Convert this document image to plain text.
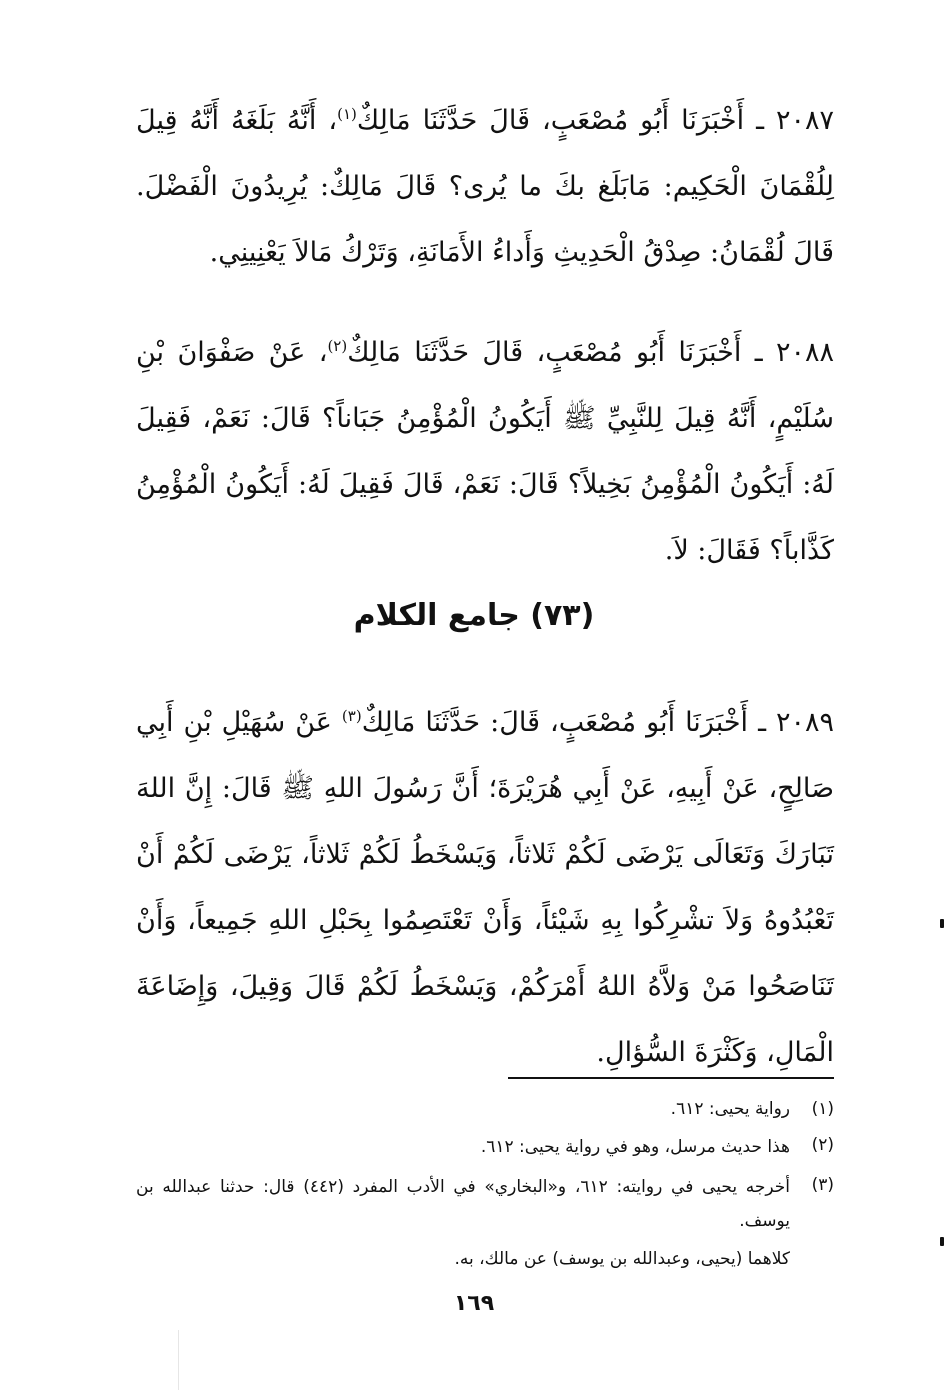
٢٠٨٧ ـ أَخْبَرَنَا أَبُو مُصْعَبٍ، قَالَ حَدَّثَنَا مَالِكٌ$^{(١)}$، أَنَّهُ بَلَغَهُ أَنَّهُ قِيلَ لِلُقْمَانَ الْحَكِيم: مَابَلَغ بكَ ما يُرى؟ قَالَ مَالِكٌ: يُرِيدُونَ الْفَضْلَ. قَالَ لُقْمَانُ: صِدْقُ الْحَدِيثِ وَأَداءُ الأَمَانَةِ، وَتَرْكُ مَالاَ يَعْنِينِي.

٢٠٨٨ ـ أَخْبَرَنَا أَبُو مُصْعَبٍ، قَالَ حَدَّثَنَا مَالِكٌ$^{(٢)}$، عَنْ صَفْوَانَ بْنِ سُلَيْمٍ، أَنَّهُ قِيلَ لِلنَّبِيِّ ﷺ أَيَكُونُ الْمُؤْمِنُ جَبَاناً؟ قَالَ: نَعَمْ، فَقِيلَ لَهُ: أَيَكُونُ الْمُؤْمِنُ بَخِيلاً؟ قَالَ: نَعَمْ، قَالَ فَقِيلَ لَهُ: أَيَكُونُ الْمُؤْمِنُ كَذَّاباً؟ فَقَالَ: لاَ.

(٧٣) جامع الكلام

٢٠٨٩ ـ أَخْبَرَنَا أَبُو مُصْعَبٍ، قَالَ: حَدَّثَنَا مَالِكٌ$^{(٣)}$ عَنْ سُهَيْلِ بْنِ أَبِي صَالِحٍ، عَنْ أَبِيهِ، عَنْ أَبِي هُرَيْرَةَ؛ أَنَّ رَسُولَ اللهِ ﷺ قَالَ: إِنَّ اللهَ تَبَارَكَ وَتَعَالَى يَرْضَى لَكُمْ ثَلاثاً، وَيَسْخَطُ لَكُمْ ثَلاثاً، يَرْضَى لَكُمْ أَنْ تَعْبُدُوهُ وَلاَ تشْرِكُوا بِهِ شَيْئاً، وَأَنْ تَعْتَصِمُوا بِحَبْلِ اللهِ جَمِيعاً، وَأَنْ تَنَاصَحُوا مَنْ وَلاَّهُ اللهُ أَمْرَكُمْ، وَيَسْخَطُ لَكُمْ قَالَ وَقِيلَ، وَإِضَاعَةَ الْمَالِ، وَكَثْرَةَ السُّؤالِ.

(١)
رواية يحيى: ٦١٢.
(٢)
هذا حديث مرسل، وهو في رواية يحيى: ٦١٢.
(٣)
أخرجه يحيى في روايته: ٦١٢، و«البخاري» في الأدب المفرد (٤٤٢) قال: حدثنا عبدالله بن يوسف.
كلاهما (يحيى، وعبدالله بن يوسف) عن مالك، به.
١٦٩
